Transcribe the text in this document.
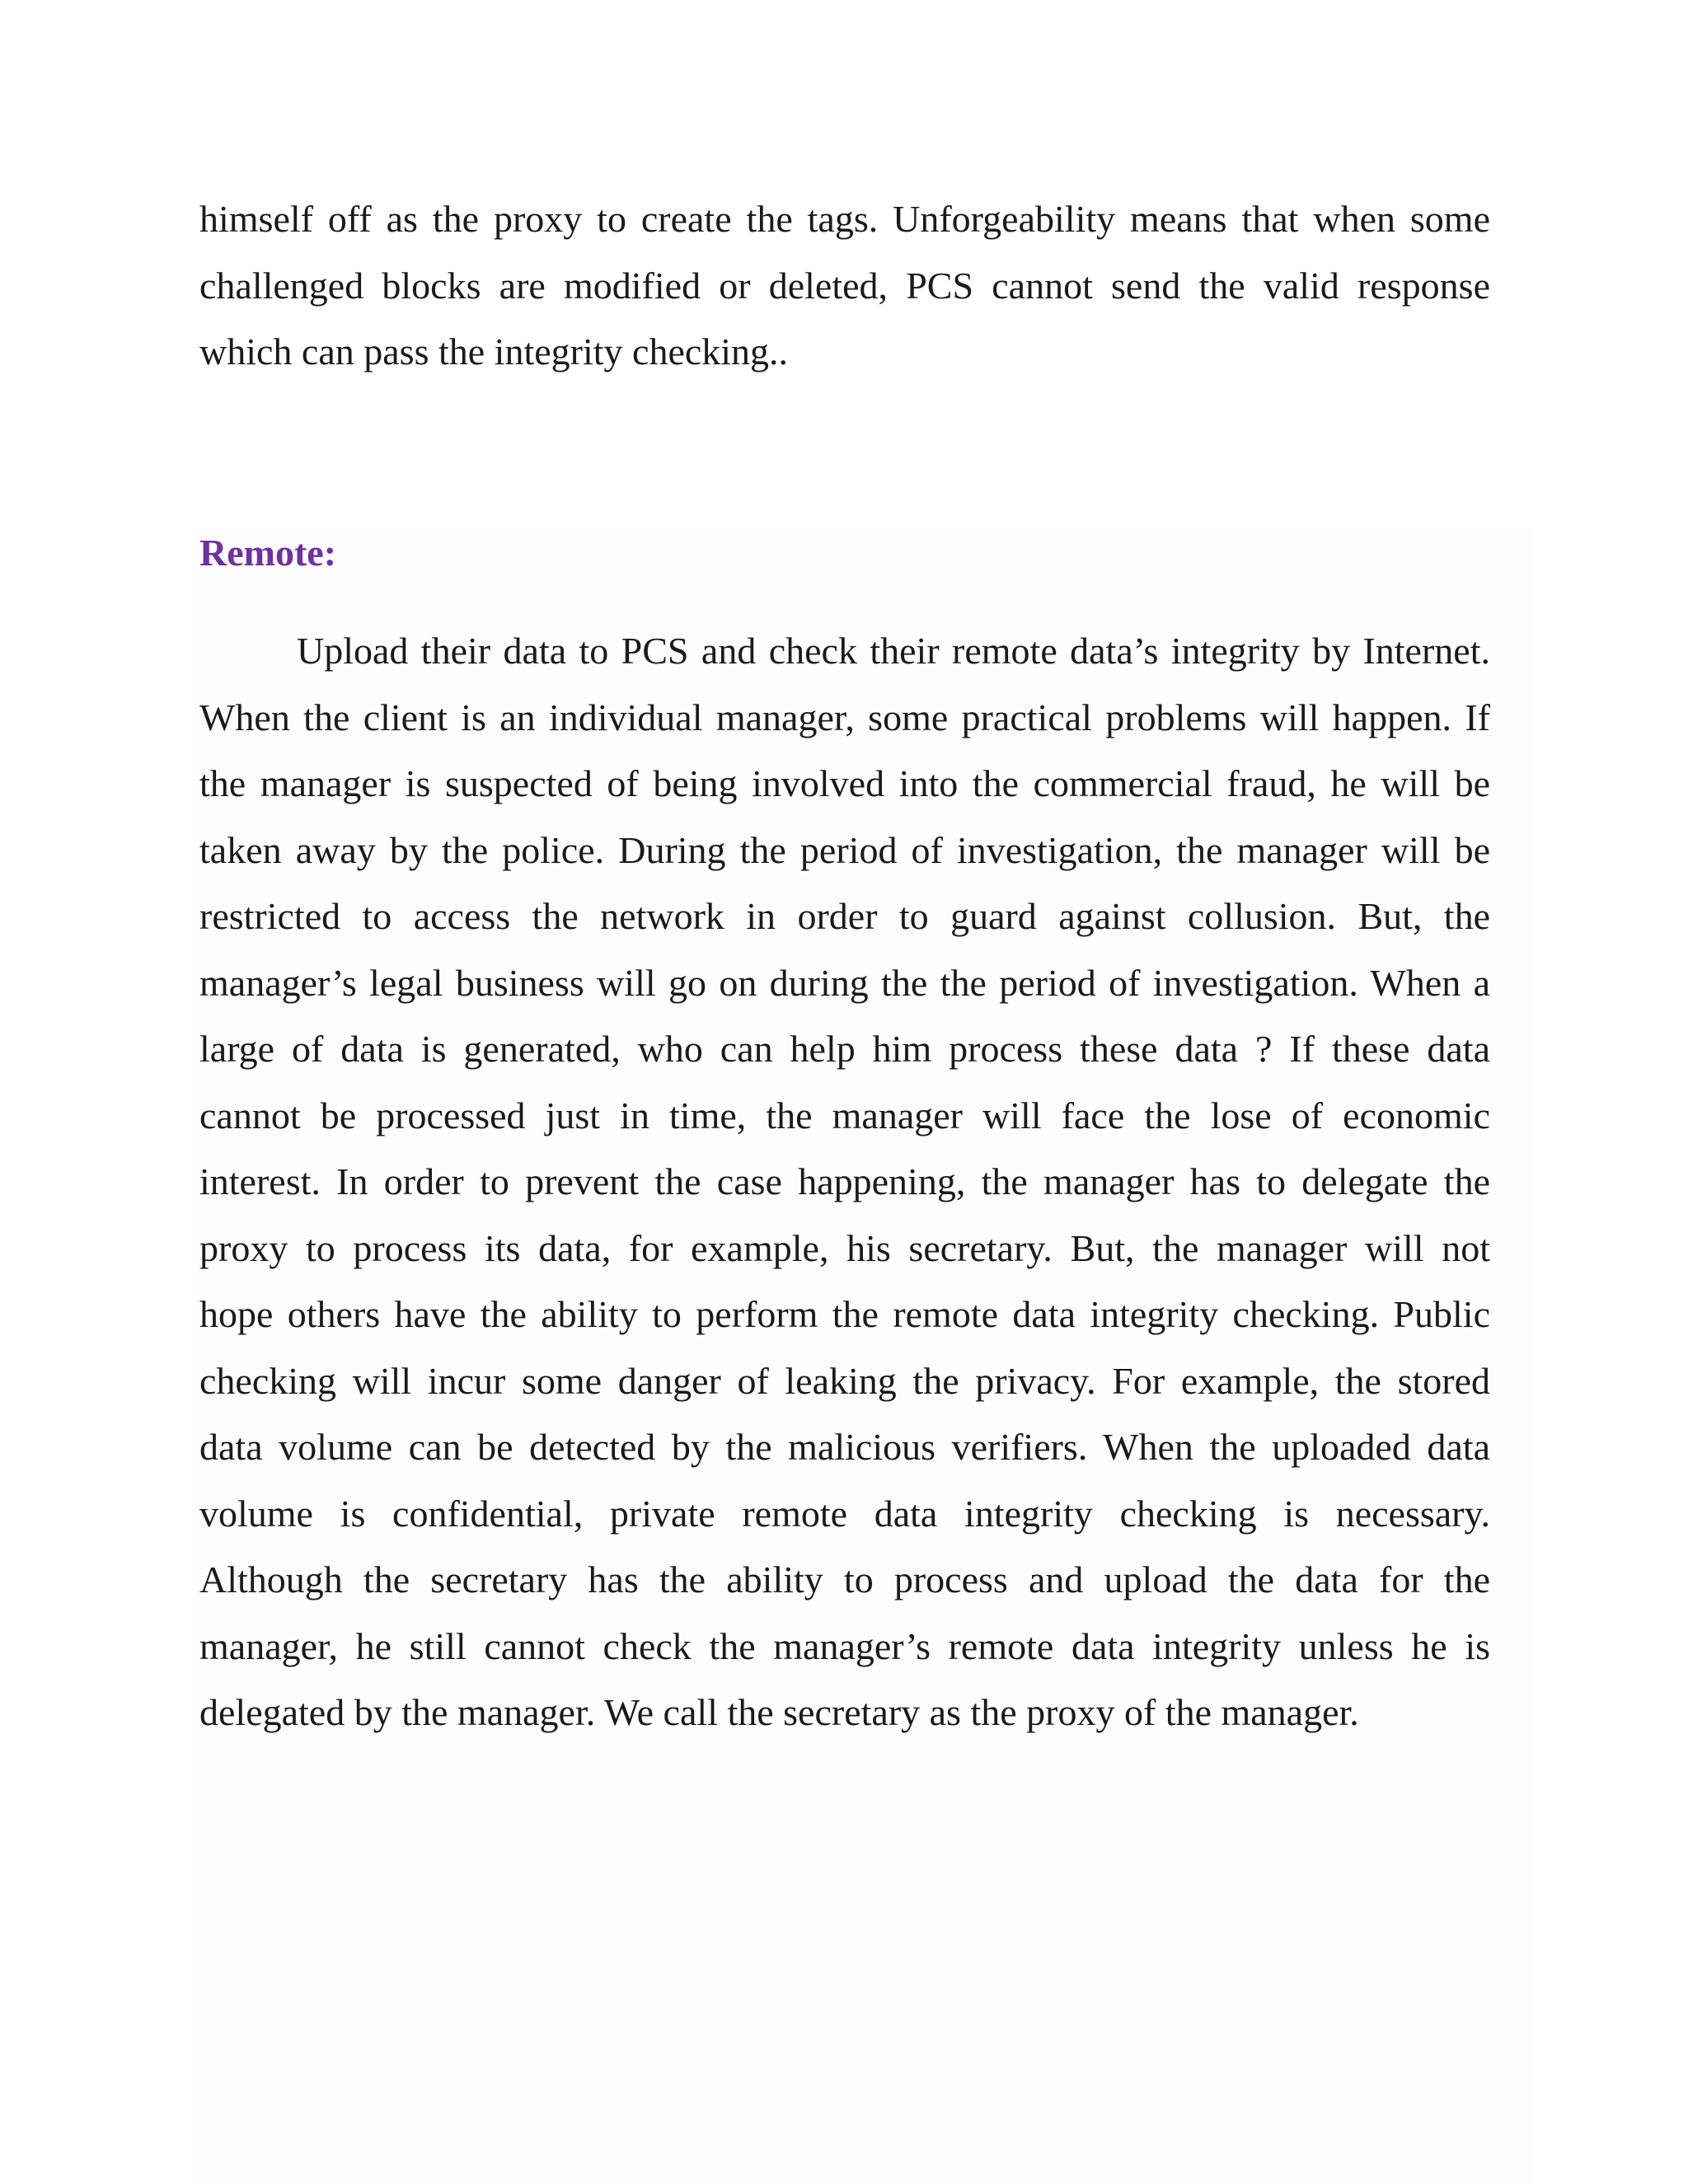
himself off as the proxy to create the tags. Unforgeability means that when some
challenged blocks are modified or deleted, PCS cannot send the valid response
which can pass the integrity checking..
Remote:
Upload their data to PCS and check their remote data’s integrity by Internet.
When the client is an individual manager, some practical problems will happen. If
the manager is suspected of being involved into the commercial fraud, he will be
taken away by the police. During the period of investigation, the manager will be
restricted to access the network in order to guard against collusion. But, the
manager’s legal business will go on during the the period of investigation. When a
large of data is generated, who can help him process these data ? If these data
cannot be processed just in time, the manager will face the lose of economic
interest. In order to prevent the case happening, the manager has to delegate the
proxy to process its data, for example, his secretary. But, the manager will not
hope others have the ability to perform the remote data integrity checking. Public
checking will incur some danger of leaking the privacy. For example, the stored
data volume can be detected by the malicious verifiers. When the uploaded data
volume is confidential, private remote data integrity checking is necessary.
Although the secretary has the ability to process and upload the data for the
manager, he still cannot check the manager’s remote data integrity unless he is
delegated by the manager. We call the secretary as the proxy of the manager.
